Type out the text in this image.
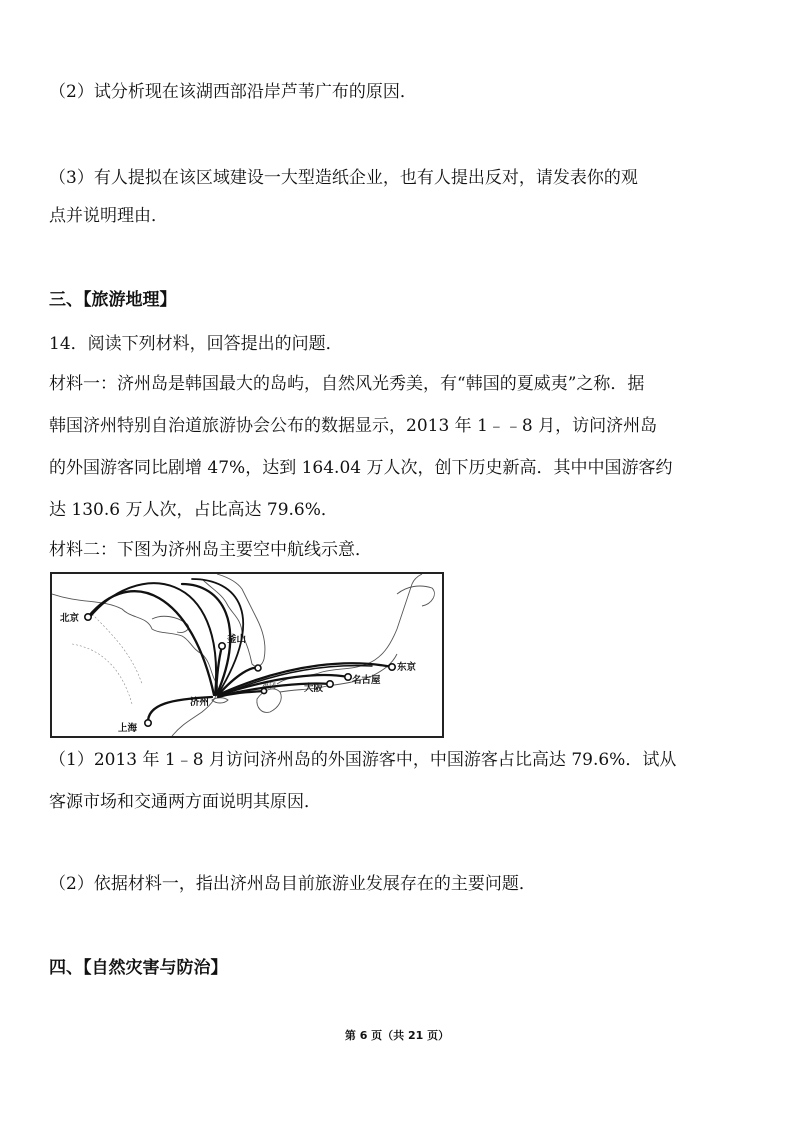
（2）试分析现在该湖西部沿岸芦苇广布的原因．
（3）有人提拟在该区域建设一大型造纸企业，也有人提出反对，请发表你的观
点并说明理由．
三、【旅游地理】
14．阅读下列材料，回答提出的问题．
材料一：济州岛是韩国最大的岛屿，自然风光秀美，有“韩国的夏威夷”之称．据
韩国济州特别自治道旅游协会公布的数据显示，2013 年 1﹣﹣8 月，访问济州岛
的外国游客同比剧增 47%，达到 164.04 万人次，创下历史新高．其中中国游客约
达 130.6 万人次，占比高达 79.6%．
材料二：下图为济州岛主要空中航线示意．
北京
釜山
济州
上海
福冈	大阪
名古屋
东京
（1）2013 年 1﹣8 月访问济州岛的外国游客中，中国游客占比高达 79.6%．试从
客源市场和交通两方面说明其原因．
（2）依据材料一，指出济州岛目前旅游业发展存在的主要问题．
四、【自然灾害与防治】
第 6 页（共 21 页）
